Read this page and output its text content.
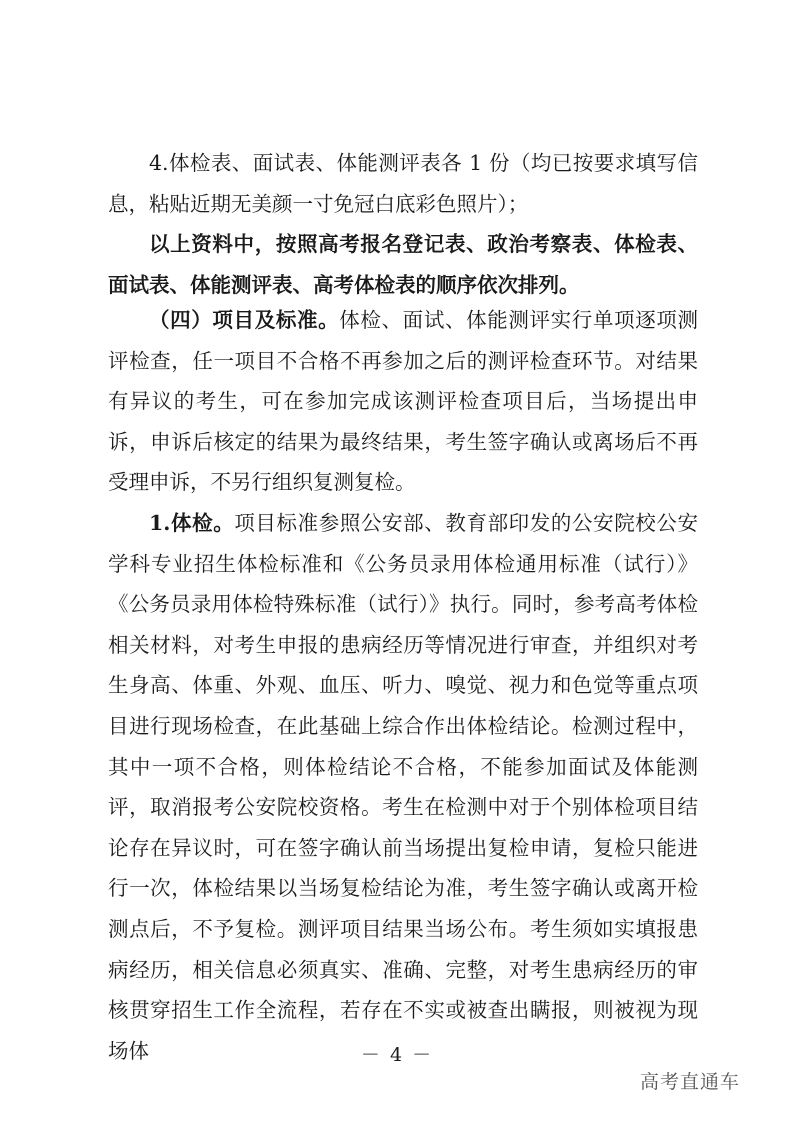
4.体检表、面试表、体能测评表各 1 份（均已按要求填写信息，粘贴近期无美颜一寸免冠白底彩色照片）；

以上资料中，按照高考报名登记表、政治考察表、体检表、面试表、体能测评表、高考体检表的顺序依次排列。

（四）项目及标准。体检、面试、体能测评实行单项逐项测评检查，任一项目不合格不再参加之后的测评检查环节。对结果有异议的考生，可在参加完成该测评检查项目后，当场提出申诉，申诉后核定的结果为最终结果，考生签字确认或离场后不再受理申诉，不另行组织复测复检。

1.体检。项目标准参照公安部、教育部印发的公安院校公安学科专业招生体检标准和《公务员录用体检通用标准（试行）》《公务员录用体检特殊标准（试行）》执行。同时，参考高考体检相关材料，对考生申报的患病经历等情况进行审查，并组织对考生身高、体重、外观、血压、听力、嗅觉、视力和色觉等重点项目进行现场检查，在此基础上综合作出体检结论。检测过程中，其中一项不合格，则体检结论不合格，不能参加面试及体能测评，取消报考公安院校资格。考生在检测中对于个别体检项目结论存在异议时，可在签字确认前当场提出复检申请，复检只能进行一次，体检结果以当场复检结论为准，考生签字确认或离开检测点后，不予复检。测评项目结果当场公布。考生须如实填报患病经历，相关信息必须真实、准确、完整，对考生患病经历的审核贯穿招生工作全流程，若存在不实或被查出瞒报，则被视为现场体	－ 4 －
高考直通车
